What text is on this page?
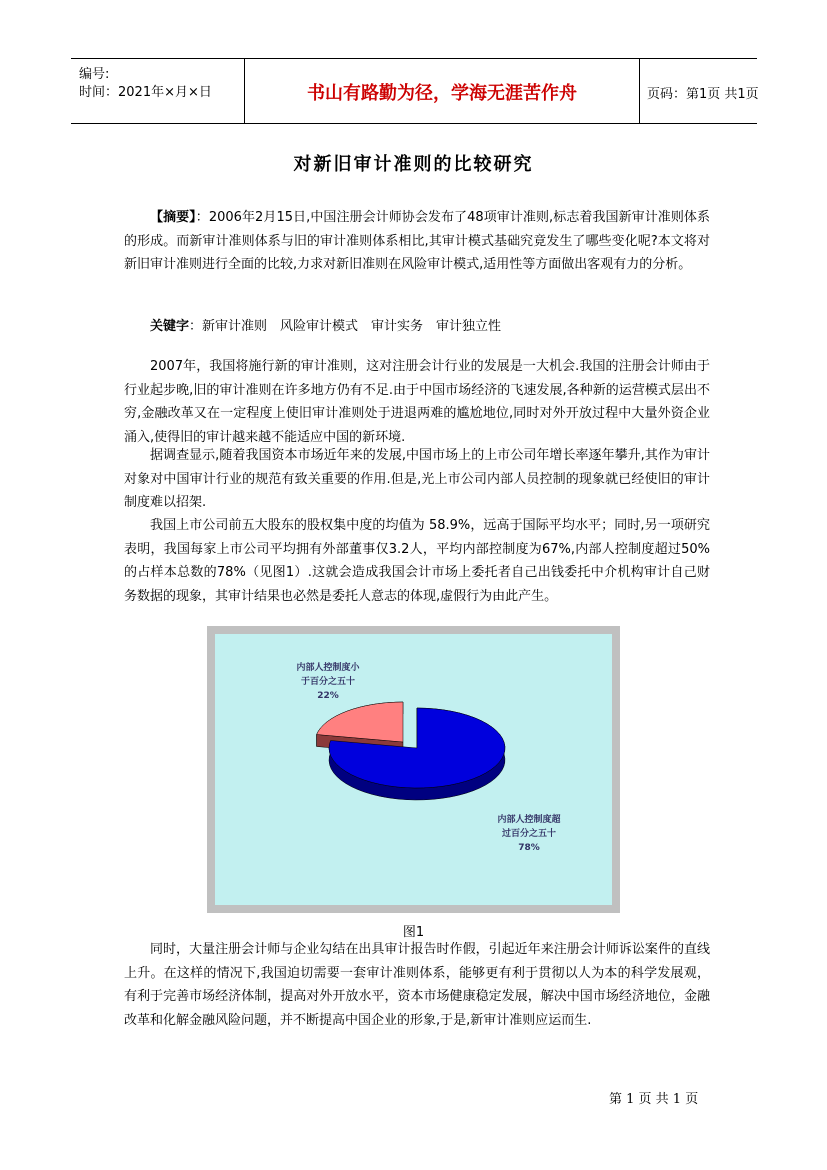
编号:
时间：2021年×月×日	书山有路勤为径，学海无涯苦作舟	页码：第1页 共1页
对新旧审计准则的比较研究

【摘要】：2006年2月15日,中国注册会计师协会发布了48项审计准则,标志着我国新审计准则体系的形成。而新审计准则体系与旧的审计准则体系相比,其审计模式基础究竟发生了哪些变化呢?本文将对新旧审计准则进行全面的比较,力求对新旧准则在风险审计模式,适用性等方面做出客观有力的分析。

关键字：新审计准则　风险审计模式　审计实务　审计独立性

2007年，我国将施行新的审计准则，这对注册会计行业的发展是一大机会.我国的注册会计师由于行业起步晚,旧的审计准则在许多地方仍有不足.由于中国市场经济的飞速发展,各种新的运营模式层出不穷,金融改革又在一定程度上使旧审计准则处于进退两难的尴尬地位,同时对外开放过程中大量外资企业涌入,使得旧的审计越来越不能适应中国的新环境.

据调查显示,随着我国资本市场近年来的发展,中国市场上的上市公司年增长率逐年攀升,其作为审计对象对中国审计行业的规范有致关重要的作用.但是,光上市公司内部人员控制的现象就已经使旧的审计制度难以招架.

我国上市公司前五大股东的股权集中度的均值为 58.9%，远高于国际平均水平；同时,另一项研究表明，我国每家上市公司平均拥有外部董事仅3.2人，平均内部控制度为67%,内部人控制度超过50%的占样本总数的78%（见图1）.这就会造成我国会计市场上委托者自己出钱委托中介机构审计自己财务数据的现象，其审计结果也必然是委托人意志的体现,虚假行为由此产生。

内部人控制度超
过百分之五十
78%
内部人控制度小
于百分之五十
22%
图1

同时，大量注册会计师与企业勾结在出具审计报告时作假，引起近年来注册会计师诉讼案件的直线上升。在这样的情况下,我国迫切需要一套审计准则体系，能够更有利于贯彻以人为本的科学发展观，有利于完善市场经济体制，提高对外开放水平，资本市场健康稳定发展，解决中国市场经济地位，金融改革和化解金融风险问题，并不断提高中国企业的形象,于是,新审计准则应运而生.

第 1 页 共 1 页
